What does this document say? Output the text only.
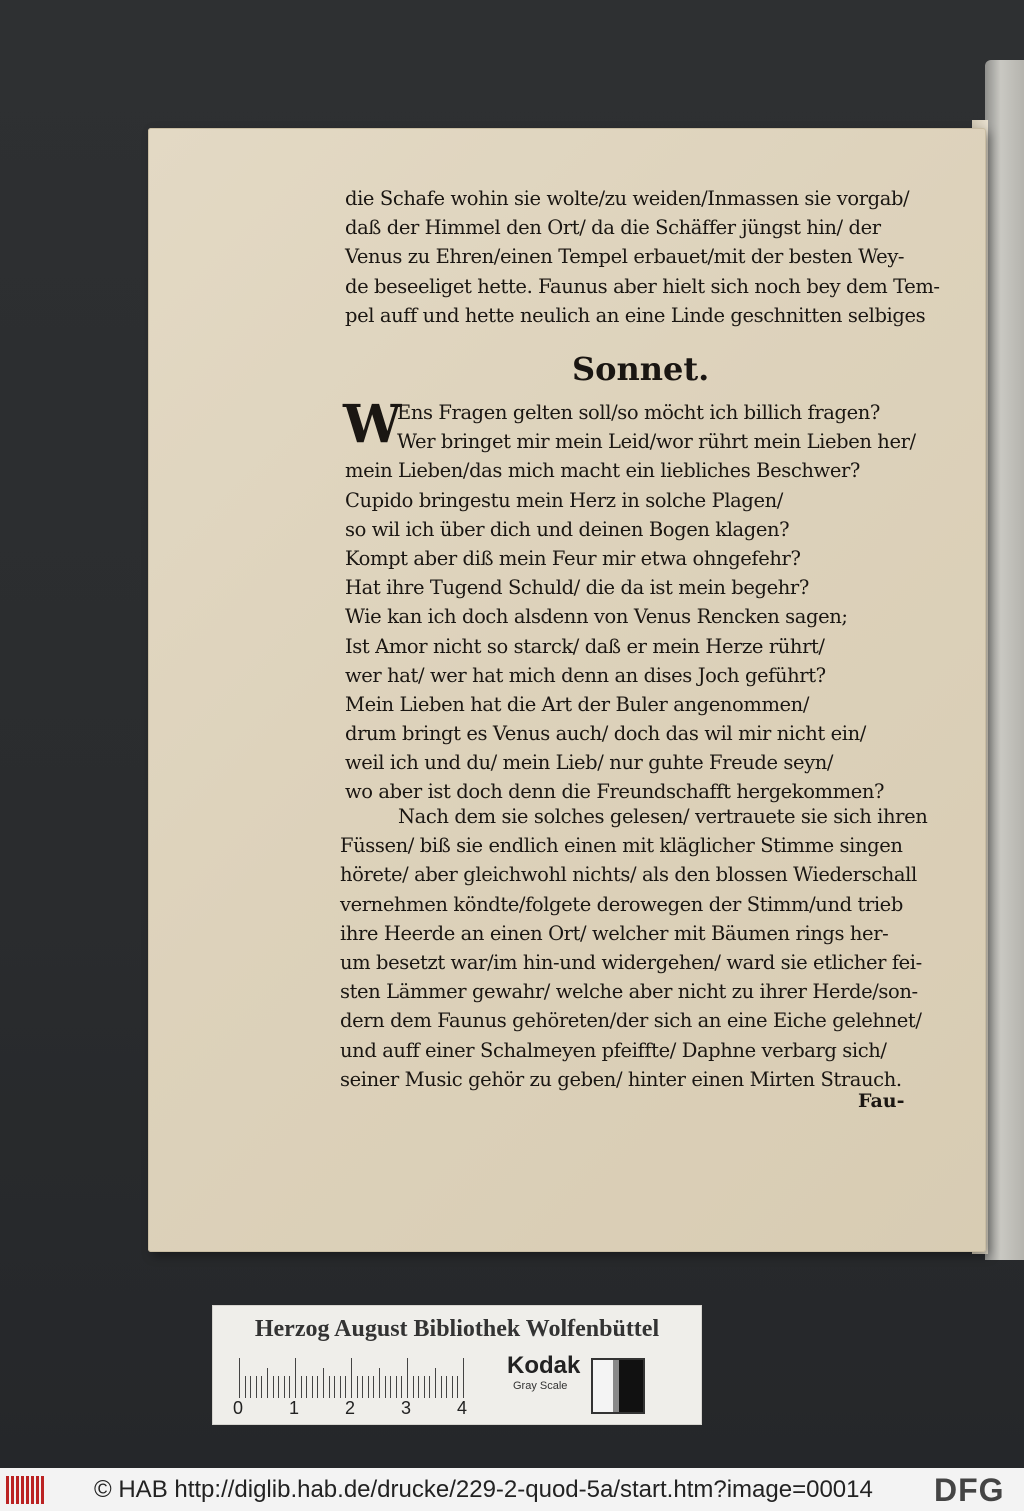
die Schafe wohin sie wolte/zu weiden/Inmassen sie vorgab/
daß der Himmel den Ort/ da die Schäffer jüngst hin/ der
Venus zu Ehren/einen Tempel erbauet/mit der besten Wey-
de beseeliget hette. Faunus aber hielt sich noch bey dem Tem-
pel auff und hette neulich an eine Linde geschnitten selbiges
Sonnet.
W
Ens Fragen gelten soll/so möcht ich billich fragen?
Wer bringet mir mein Leid/wor rührt mein Lieben her/
mein Lieben/das mich macht ein liebliches Beschwer?
Cupido bringestu mein Herz in solche Plagen/
so wil ich über dich und deinen Bogen klagen?
Kompt aber diß mein Feur mir etwa ohngefehr?
Hat ihre Tugend Schuld/ die da ist mein begehr?
Wie kan ich doch alsdenn von Venus Rencken sagen;
Ist Amor nicht so starck/ daß er mein Herze rührt/
wer hat/ wer hat mich denn an dises Joch geführt?
Mein Lieben hat die Art der Buler angenommen/
drum bringt es Venus auch/ doch das wil mir nicht ein/
weil ich und du/ mein Lieb/ nur guhte Freude seyn/
wo aber ist doch denn die Freundschafft hergekommen?
Nach dem sie solches gelesen/ vertrauete sie sich ihren
Füssen/ biß sie endlich einen mit kläglicher Stimme singen
hörete/ aber gleichwohl nichts/ als den blossen Wiederschall
vernehmen köndte/folgete derowegen der Stimm/und trieb
ihre Heerde an einen Ort/ welcher mit Bäumen rings her-
um besetzt war/im hin-und widergehen/ ward sie etlicher fei-
sten Lämmer gewahr/ welche aber nicht zu ihrer Herde/son-
dern dem Faunus gehöreten/der sich an eine Eiche gelehnet/
und auff einer Schalmeyen pfeiffte/ Daphne verbarg sich/
seiner Music gehör zu geben/ hinter einen Mirten Strauch.
Fau-
Herzog August Bibliothek Wolfenbüttel
0	1	2	3	4
Kodak
Gray Scale
© HAB http://diglib.hab.de/drucke/229-2-quod-5a/start.htm?image=00014 DFG
